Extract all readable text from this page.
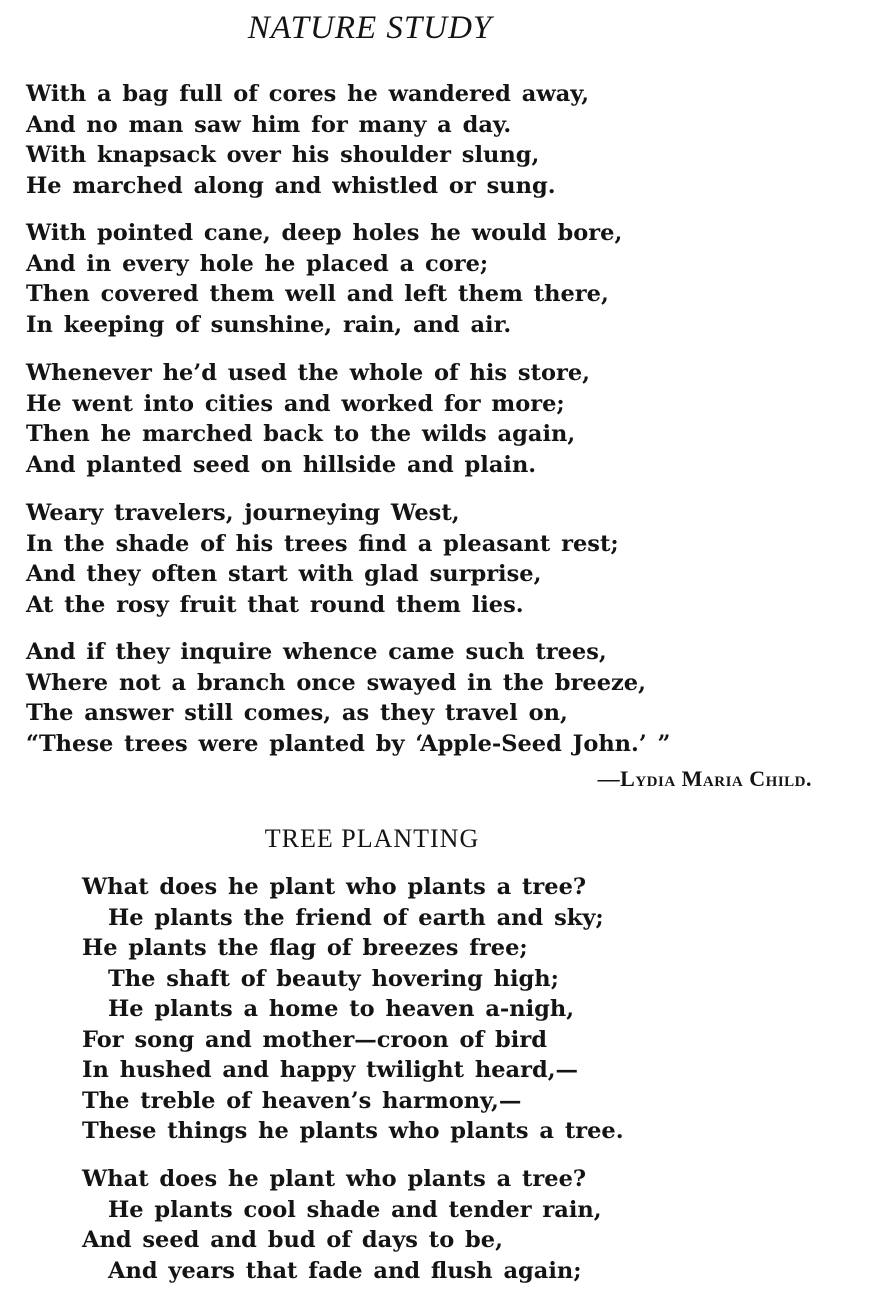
NATURE STUDY
With a bag full of cores he wandered away,
And no man saw him for many a day.
With knapsack over his shoulder slung,
He marched along and whistled or sung.
With pointed cane, deep holes he would bore,
And in every hole he placed a core;
Then covered them well and left them there,
In keeping of sunshine, rain, and air.
Whenever he’d used the whole of his store,
He went into cities and worked for more;
Then he marched back to the wilds again,
And planted seed on hillside and plain.
Weary travelers, journeying West,
In the shade of his trees find a pleasant rest;
And they often start with glad surprise,
At the rosy fruit that round them lies.
And if they inquire whence came such trees,
Where not a branch once swayed in the breeze,
The answer still comes, as they travel on,
“These trees were planted by ‘Apple-Seed John.’ ”
—Lydia Maria Child.
TREE PLANTING
What does he plant who plants a tree?
He plants the friend of earth and sky;
He plants the flag of breezes free;
The shaft of beauty hovering high;
He plants a home to heaven a-nigh,
For song and mother—croon of bird
In hushed and happy twilight heard,—
The treble of heaven’s harmony,—
These things he plants who plants a tree.
What does he plant who plants a tree?
He plants cool shade and tender rain,
And seed and bud of days to be,
And years that fade and flush again;
